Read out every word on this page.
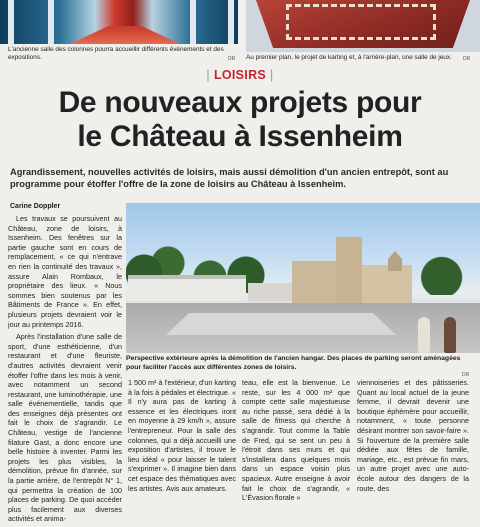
L'ancienne salle des colonnes pourra accueillir différents événements et des expositions.	DR Au premier plan, le projet de karting et, à l'arrière-plan, une salle de jeux.	DR
| LOISIRS |
De nouveaux projets pour
le Château à Issenheim
Agrandissement, nouvelles activités de loisirs, mais aussi démolition d'un ancien entrepôt, sont au programme pour étoffer l'offre de la zone de loisirs au Château à Issenheim.
Carine Doppler

Les travaux se poursuivent au Château, zone de loisirs, à Issenheim. Des fenêtres sur la partie gauche sont en cours de remplacement, « ce qui n'entrave en rien la continuité des travaux », assure Alain Rombaux, le propriétaire des lieux. « Nous sommes bien soutenus par les Bâtiments de France ». En effet, plusieurs projets devraient voir le jour au printemps 2016.

Après l'installation d'une salle de sport, d'une esthéticienne, d'un restaurant et d'une fleuriste, d'autres activités devraient venir étoffer l'offre dans les mois à venir, avec notamment un second restaurant, une luminothérapie, une salle événementielle, tandis que des enseignes déjà présentes ont fait le choix de s'agrandir. Le Château, vestige de l'ancienne filature Gast, a donc encore une belle histoire à inventer. Parmi les projets les plus visibles, la démolition, prévue fin d'année, sur la partie arrière, de l'entrepôt N° 1, qui permettra la création de 100 places de parking. De quoi accéder plus facilement aux diverses activités et anima-

Perspective extérieure après la démolition de l'ancien hangar. Des places de parking seront aménagées pour faciliter l'accès aux différentes zones de loisirs.
DR

1 500 m² à l'extérieur, d'un karting à la fois à pédales et électrique. « Il n'y aura pas de karting à essence et les électriques iront en moyenne à 29 km/h », assure l'entrepreneur. Pour la salle des colonnes, qui a déjà accueilli une exposition d'artistes, il trouve le lieu idéal « pour laisser le talent s'exprimer ». Il imagine bien dans cet espace des thématiques avec les artistes. Avis aux amateurs.

teau, elle est la bienvenue. Le reste, sur les 4 000 m² que compte cette salle majestueuse au riche passé, sera dédié à la salle de fitness qui cherche à s'agrandir. Tout comme la Table de Fred, qui se sent un peu à l'étroit dans ses murs et qui s'installera dans quelques mois dans un espace voisin plus spacieux. Autre enseigne à avoir fait le choix de s'agrandir, « L'Évasion florale »

viennoiseries et des pâtisseries. Quant au local actuel de la jeune femme, il devrait devenir une boutique éphémère pour accueillir, notamment, « toute personne désirant montrer son savoir-faire ». Si l'ouverture de la première salle dédiée aux fêtes de famille, mariage, etc., est prévue fin mars, un autre projet avec une auto-école autour des dangers de la route, des
